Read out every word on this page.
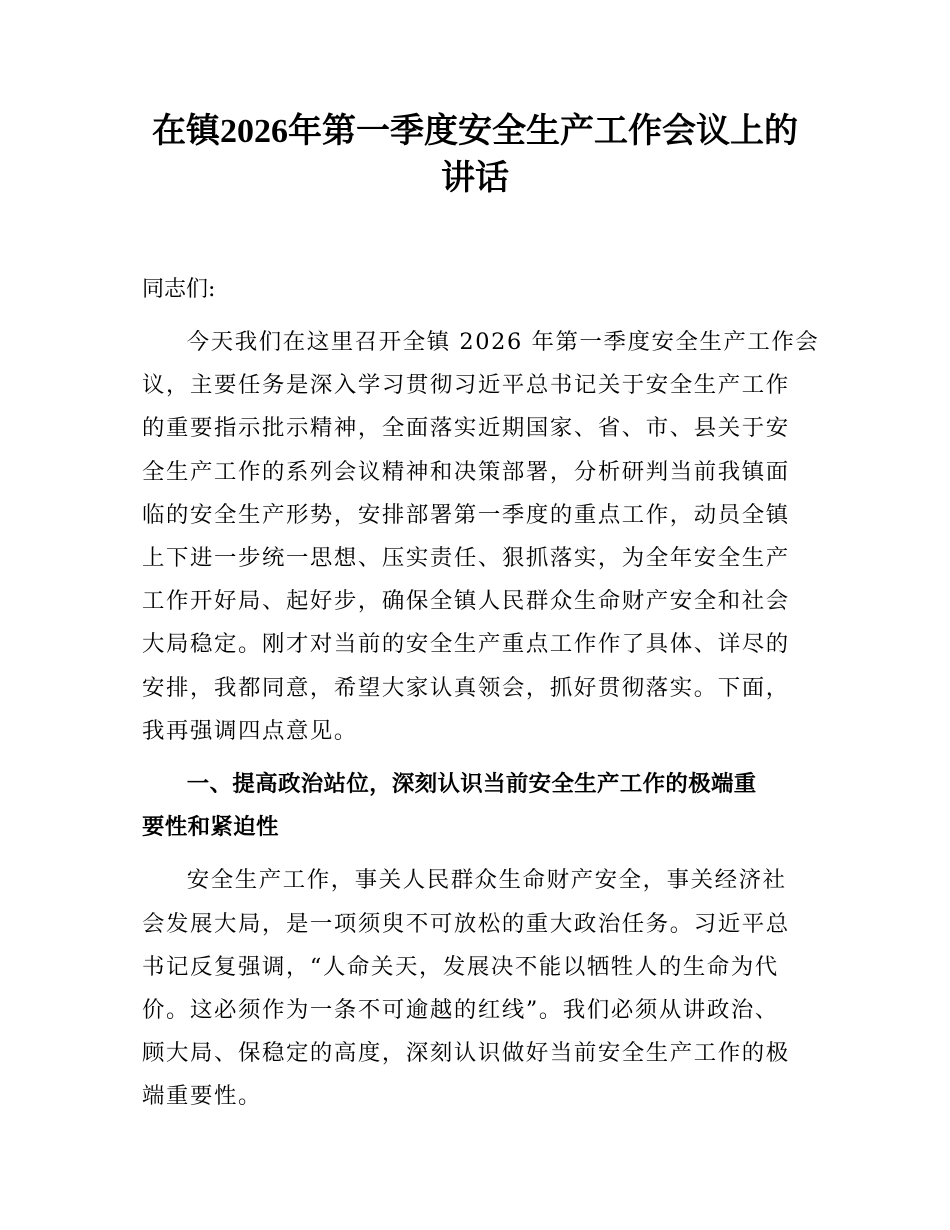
在镇2026年第一季度安全生产工作会议上的
讲话

同志们:

今天我们在这里召开全镇 2026 年第一季度安全生产工作会
议，主要任务是深入学习贯彻习近平总书记关于安全生产工作
的重要指示批示精神，全面落实近期国家、省、市、县关于安
全生产工作的系列会议精神和决策部署，分析研判当前我镇面
临的安全生产形势，安排部署第一季度的重点工作，动员全镇
上下进一步统一思想、压实责任、狠抓落实，为全年安全生产
工作开好局、起好步，确保全镇人民群众生命财产安全和社会
大局稳定。刚才对当前的安全生产重点工作作了具体、详尽的
安排，我都同意，希望大家认真领会，抓好贯彻落实。下面，
我再强调四点意见。

一、提高政治站位，深刻认识当前安全生产工作的极端重
要性和紧迫性

安全生产工作，事关人民群众生命财产安全，事关经济社
会发展大局，是一项须臾不可放松的重大政治任务。习近平总
书记反复强调，“人命关天，发展决不能以牺牲人的生命为代
价。这必须作为一条不可逾越的红线”。我们必须从讲政治、
顾大局、保稳定的高度，深刻认识做好当前安全生产工作的极
端重要性。
